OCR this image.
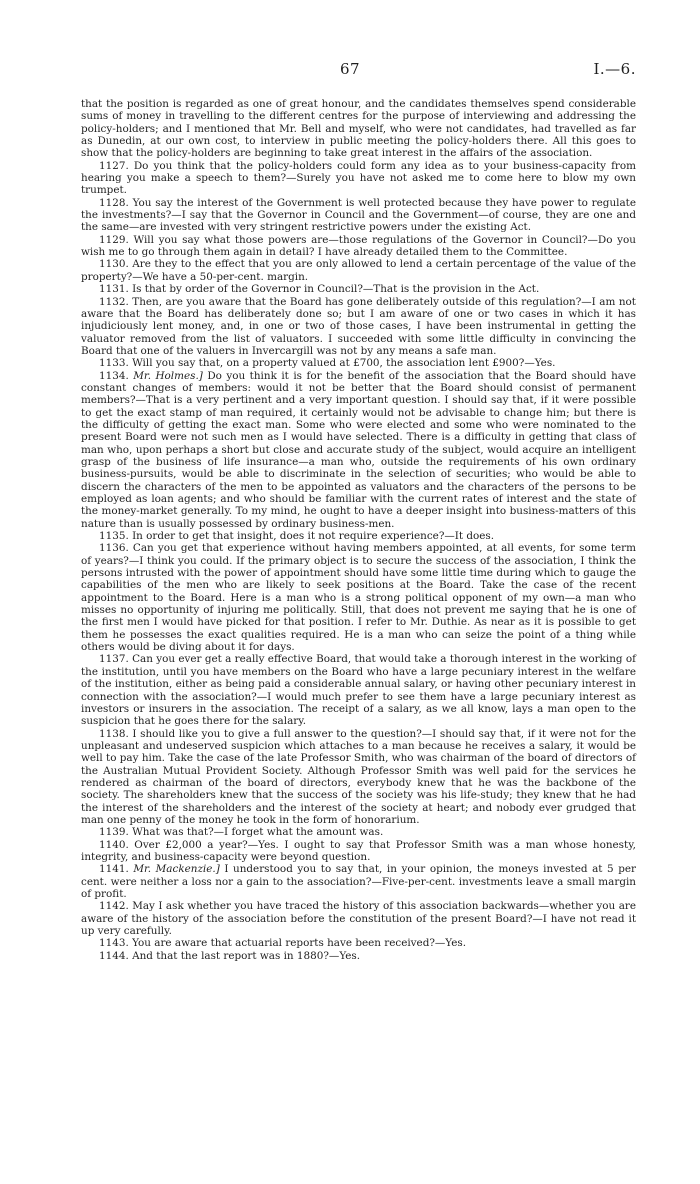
67	I.—6.

that the position is regarded as one of great honour, and the candidates themselves spend considerable sums of money in travelling to the different centres for the purpose of interviewing and addressing the policy-holders; and I mentioned that Mr. Bell and myself, who were not candidates, had travelled as far as Dunedin, at our own cost, to interview in public meeting the policy-holders there. All this goes to show that the policy-holders are beginning to take great interest in the affairs of the association.

1127. Do you think that the policy-holders could form any idea as to your business-capacity from hearing you make a speech to them?—Surely you have not asked me to come here to blow my own trumpet.

1128. You say the interest of the Government is well protected because they have power to regulate the investments?—I say that the Governor in Council and the Government—of course, they are one and the same—are invested with very stringent restrictive powers under the existing Act.

1129. Will you say what those powers are—those regulations of the Governor in Council?—Do you wish me to go through them again in detail? I have already detailed them to the Committee.

1130. Are they to the effect that you are only allowed to lend a certain percentage of the value of the property?—We have a 50-per-cent. margin.

1131. Is that by order of the Governor in Council?—That is the provision in the Act.

1132. Then, are you aware that the Board has gone deliberately outside of this regulation?—I am not aware that the Board has deliberately done so; but I am aware of one or two cases in which it has injudiciously lent money, and, in one or two of those cases, I have been instrumental in getting the valuator removed from the list of valuators. I succeeded with some little difficulty in convincing the Board that one of the valuers in Invercargill was not by any means a safe man.

1133. Will you say that, on a property valued at £700, the association lent £900?—Yes.

1134. Mr. Holmes.] Do you think it is for the benefit of the association that the Board should have constant changes of members: would it not be better that the Board should consist of permanent members?—That is a very pertinent and a very important question. I should say that, if it were possible to get the exact stamp of man required, it certainly would not be advisable to change him; but there is the difficulty of getting the exact man. Some who were elected and some who were nominated to the present Board were not such men as I would have selected. There is a difficulty in getting that class of man who, upon perhaps a short but close and accurate study of the subject, would acquire an intelligent grasp of the business of life insurance—a man who, outside the requirements of his own ordinary business-pursuits, would be able to discriminate in the selection of securities; who would be able to discern the characters of the men to be appointed as valuators and the characters of the persons to be employed as loan agents; and who should be familiar with the current rates of interest and the state of the money-market generally. To my mind, he ought to have a deeper insight into business-matters of this nature than is usually possessed by ordinary business-men.

1135. In order to get that insight, does it not require experience?—It does.

1136. Can you get that experience without having members appointed, at all events, for some term of years?—I think you could. If the primary object is to secure the success of the association, I think the persons intrusted with the power of appointment should have some little time during which to gauge the capabilities of the men who are likely to seek positions at the Board. Take the case of the recent appointment to the Board. Here is a man who is a strong political opponent of my own—a man who misses no opportunity of injuring me politically. Still, that does not prevent me saying that he is one of the first men I would have picked for that position. I refer to Mr. Duthie. As near as it is possible to get them he possesses the exact qualities required. He is a man who can seize the point of a thing while others would be diving about it for days.

1137. Can you ever get a really effective Board, that would take a thorough interest in the working of the institution, until you have members on the Board who have a large pecuniary interest in the welfare of the institution, either as being paid a considerable annual salary, or having other pecuniary interest in connection with the association?—I would much prefer to see them have a large pecuniary interest as investors or insurers in the association. The receipt of a salary, as we all know, lays a man open to the suspicion that he goes there for the salary.

1138. I should like you to give a full answer to the question?—I should say that, if it were not for the unpleasant and undeserved suspicion which attaches to a man because he receives a salary, it would be well to pay him. Take the case of the late Professor Smith, who was chairman of the board of directors of the Australian Mutual Provident Society. Although Professor Smith was well paid for the services he rendered as chairman of the board of directors, everybody knew that he was the backbone of the society. The shareholders knew that the success of the society was his life-study; they knew that he had the interest of the shareholders and the interest of the society at heart; and nobody ever grudged that man one penny of the money he took in the form of honorarium.

1139. What was that?—I forget what the amount was.

1140. Over £2,000 a year?—Yes. I ought to say that Professor Smith was a man whose honesty, integrity, and business-capacity were beyond question.

1141. Mr. Mackenzie.] I understood you to say that, in your opinion, the moneys invested at 5 per cent. were neither a loss nor a gain to the association?—Five-per-cent. investments leave a small margin of profit.

1142. May I ask whether you have traced the history of this association backwards—whether you are aware of the history of the association before the constitution of the present Board?—I have not read it up very carefully.

1143. You are aware that actuarial reports have been received?—Yes.

1144. And that the last report was in 1880?—Yes.
